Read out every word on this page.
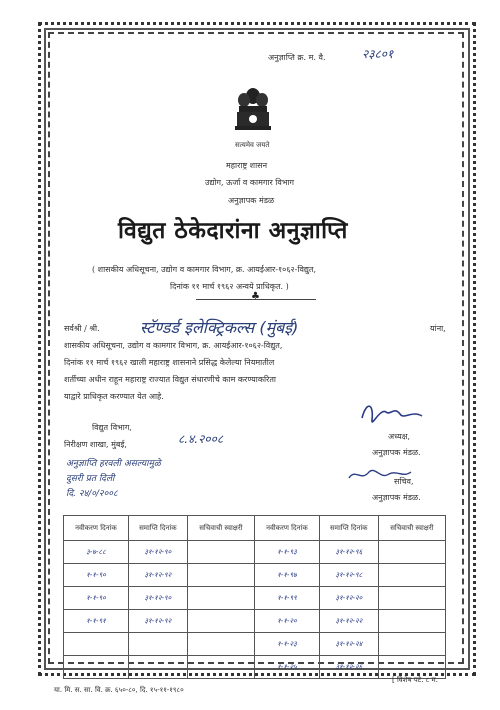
अनुज्ञाप्ति क्र. म. वै.	२३८०१
सत्यमेव जयते
महाराष्ट्र शासन
उद्योग, ऊर्जा व कामगार विभाग
अनुज्ञापक मंडळ
विद्युत ठेकेदारांना अनुज्ञाप्ति
( शासकीय अधिसूचना, उद्योग व कामगार विभाग, क्र. आयईआर-१०६२-विद्युत,
दिनांक ११ मार्च १९६२ अन्वये प्राधिकृत. )
♣
सर्वश्री / श्री.	स्टॅण्डर्ड इलेक्ट्रिकल्स (मुंबई)	यांना,
शासकीय अधिसूचना, उद्योग व कामगार विभाग, क्र. आयईआर-१०६२-विद्युत,
दिनांक ११ मार्च १९६२ खाली महाराष्ट्र शासनाने प्रसिद्ध केलेल्या नियमातील
शर्तीच्या अधीन राहून महाराष्ट्र राज्यात विद्युत संधारणीचे काम करण्याकरिता
याद्वारे प्राधिकृत करण्यात येत आहे.
विद्युत विभाग,
निरीक्षण शाखा, मुंबई,	८.४.२००८
अनुज्ञाप्ति हरवली असल्यामुळे
दुसरी प्रत दिली
दि. २४/०/२००८
अध्यक्ष,
अनुज्ञापक मंडळ.
सचिव,
अनुज्ञापक मंडळ.
नवीकरण दिनांक	समाप्ति दिनांक	सचिवाची स्वाक्षरी	नवीकरण दिनांक	समाप्ति दिनांक	सचिवाची स्वाक्षरी
३-७-८८	३१-१२-९०		१-१-९३	३१-१२-९६	
१-१-९०	३१-१२-९२		१-१-९७	३१-१२-९८	
१-१-९०	३१-१२-९०		१-१-९९	३१-१२-२०	
१-१-९१	३१-१२-९२		१-१-२०	३१-१२-२२	
			१-१-२३	३१-१२-२४	
			१-१-२५	३१-१२-२६	
या. मि. स. सा. वि. क्र. ६५०-८०, दि. १५-११-१९८०
[ विशेष पटे. ८ म.
